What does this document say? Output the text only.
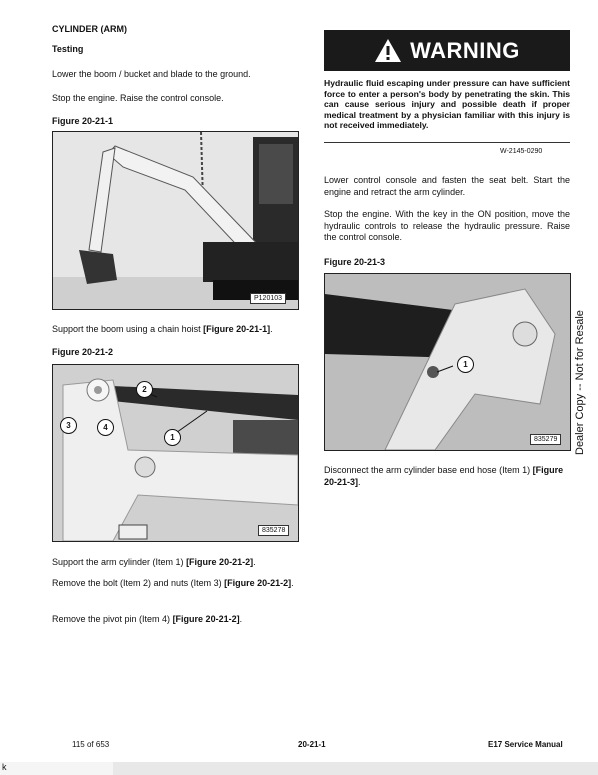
CYLINDER (ARM)
Testing
Lower the boom / bucket and blade to the ground.
Stop the engine. Raise the control console.
Figure 20-21-1
P120103
Support the boom using a chain hoist [Figure 20-21-1].
Figure 20-21-2
1
2
3	4
835278
Support the arm cylinder (Item 1) [Figure 20-21-2].
Remove the bolt (Item 2) and nuts (Item 3) [Figure 20-21-2].
Remove the pivot pin (Item 4) [Figure 20-21-2].
WARNING
Hydraulic fluid escaping under pressure can have sufficient force to enter a person's body by penetrating the skin. This can cause serious injury and possible death if proper medical treatment by a physician familiar with this injury is not received immediately.
W-2145-0290
Lower control console and fasten the seat belt. Start the engine and retract the arm cylinder.
Stop the engine. With the key in the ON position, move the hydraulic controls to release the hydraulic pressure. Raise the control console.
Figure 20-21-3
1
835279
Disconnect the arm cylinder base end hose (Item 1) [Figure 20-21-3].
Dealer Copy -- Not for Resale
115 of 653	20-21-1	E17 Service Manual
k
